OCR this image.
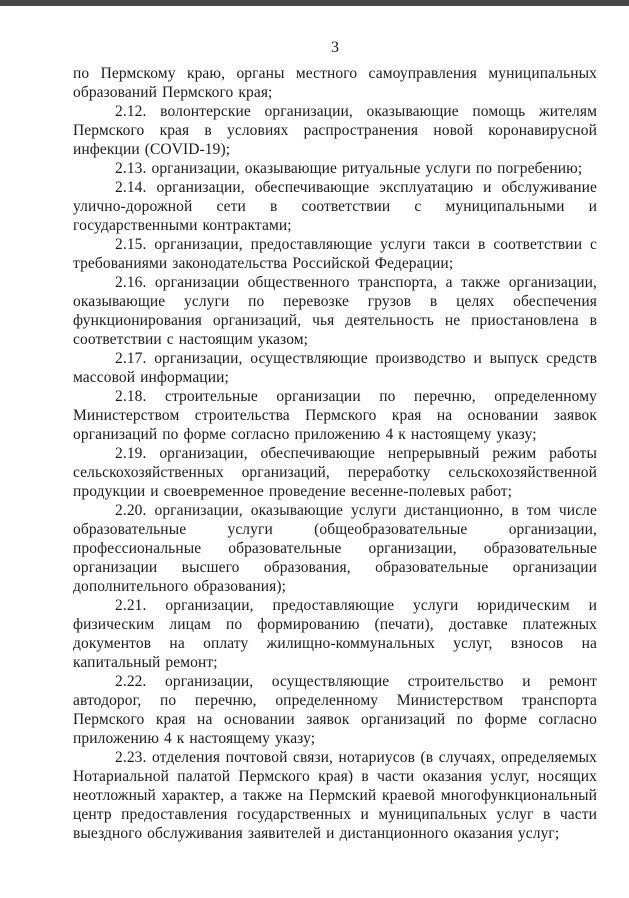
3

по Пермскому краю, органы местного самоуправления муниципальных образований Пермского края;

2.12. волонтерские организации, оказывающие помощь жителям Пермского края в условиях распространения новой коронавирусной инфекции (COVID-19);

2.13. организации, оказывающие ритуальные услуги по погребению;

2.14. организации, обеспечивающие эксплуатацию и обслуживание улично-дорожной сети в соответствии с муниципальными и государственными контрактами;

2.15. организации, предоставляющие услуги такси в соответствии с требованиями законодательства Российской Федерации;

2.16. организации общественного транспорта, а также организации, оказывающие услуги по перевозке грузов в целях обеспечения функционирования организаций, чья деятельность не приостановлена в соответствии с настоящим указом;

2.17. организации, осуществляющие производство и выпуск средств массовой информации;

2.18. строительные организации по перечню, определенному Министерством строительства Пермского края на основании заявок организаций по форме согласно приложению 4 к настоящему указу;

2.19. организации, обеспечивающие непрерывный режим работы сельскохозяйственных организаций, переработку сельскохозяйственной продукции и своевременное проведение весенне-полевых работ;

2.20. организации, оказывающие услуги дистанционно, в том числе образовательные услуги (общеобразовательные организации, профессиональные образовательные организации, образовательные организации высшего образования, образовательные организации дополнительного образования);

2.21. организации, предоставляющие услуги юридическим и физическим лицам по формированию (печати), доставке платежных документов на оплату жилищно-коммунальных услуг, взносов на капитальный ремонт;

2.22. организации, осуществляющие строительство и ремонт автодорог, по перечню, определенному Министерством транспорта Пермского края на основании заявок организаций по форме согласно приложению 4 к настоящему указу;

2.23. отделения почтовой связи, нотариусов (в случаях, определяемых Нотариальной палатой Пермского края) в части оказания услуг, носящих неотложный характер, а также на Пермский краевой многофункциональный центр предоставления государственных и муниципальных услуг в части выездного обслуживания заявителей и дистанционного оказания услуг;
